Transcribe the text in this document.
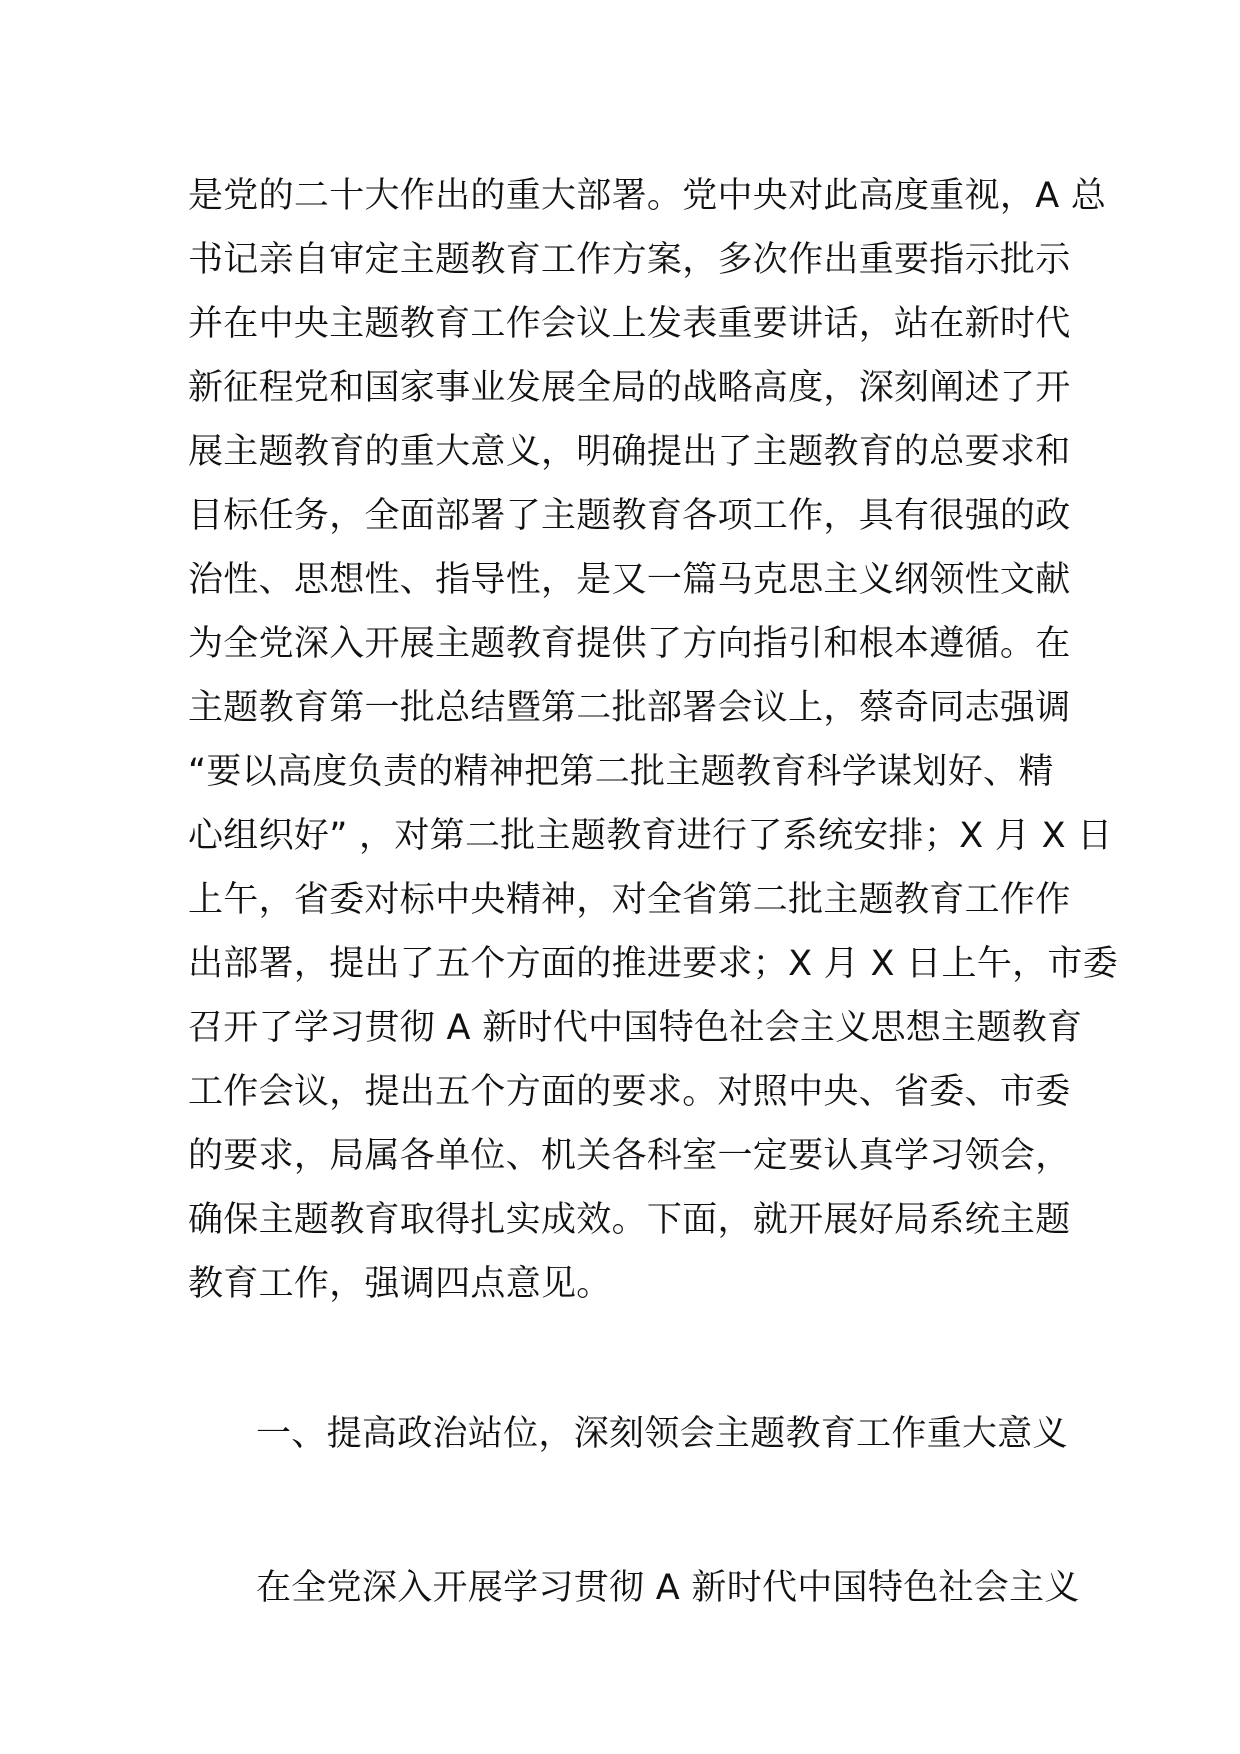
是党的二十大作出的重大部署。党中央对此高度重视，A 总
书记亲自审定主题教育工作方案，多次作出重要指示批示
并在中央主题教育工作会议上发表重要讲话，站在新时代
新征程党和国家事业发展全局的战略高度，深刻阐述了开
展主题教育的重大意义，明确提出了主题教育的总要求和
目标任务，全面部署了主题教育各项工作，具有很强的政
治性、思想性、指导性，是又一篇马克思主义纲领性文献
为全党深入开展主题教育提供了方向指引和根本遵循。在
主题教育第一批总结暨第二批部署会议上，蔡奇同志强调
“要以高度负责的精神把第二批主题教育科学谋划好、精
心组织好” ，对第二批主题教育进行了系统安排；X 月 X 日
上午，省委对标中央精神，对全省第二批主题教育工作作
出部署，提出了五个方面的推进要求；X 月 X 日上午，市委
召开了学习贯彻 A 新时代中国特色社会主义思想主题教育
工作会议，提出五个方面的要求。对照中央、省委、市委
的要求，局属各单位、机关各科室一定要认真学习领会，
确保主题教育取得扎实成效。下面，就开展好局系统主题
教育工作，强调四点意见。
一、提高政治站位，深刻领会主题教育工作重大意义
在全党深入开展学习贯彻 A 新时代中国特色社会主义
